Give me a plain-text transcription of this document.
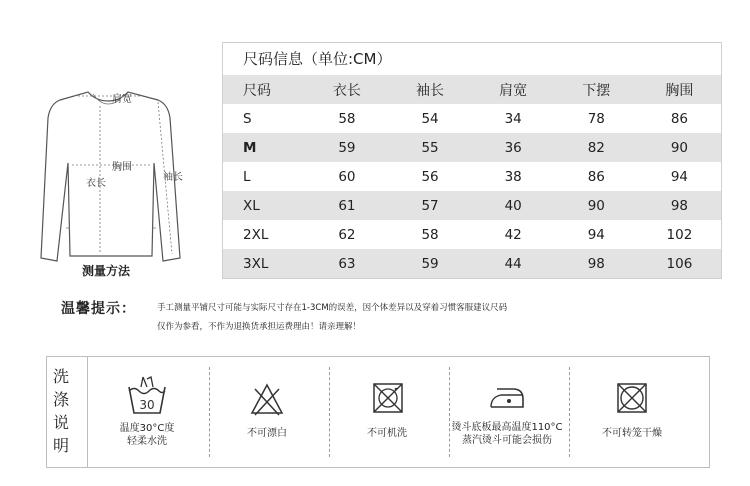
肩宽
胸围
衣长
袖长
测量方法
尺码信息（单位:CM）
尺码	衣长	袖长	肩宽	下摆	胸围
S	58	54	34	78	86
M	59	55	36	82	90
L	60	56	38	86	94
XL	61	57	40	90	98
2XL	62	58	42	94	102
3XL	63	59	44	98	106
温馨提示： 手工测量平铺尺寸可能与实际尺寸存在1-3CM的误差，因个体差异以及穿着习惯客服建议尺码
仅作为参看，不作为退换货承担运费理由！请亲理解！
洗涤说明
30
温度30°C度
轻柔水洗
不可漂白	不可机洗
烫斗底板最高温度110°C
蒸汽烫斗可能会损伤
不可转笼干燥
